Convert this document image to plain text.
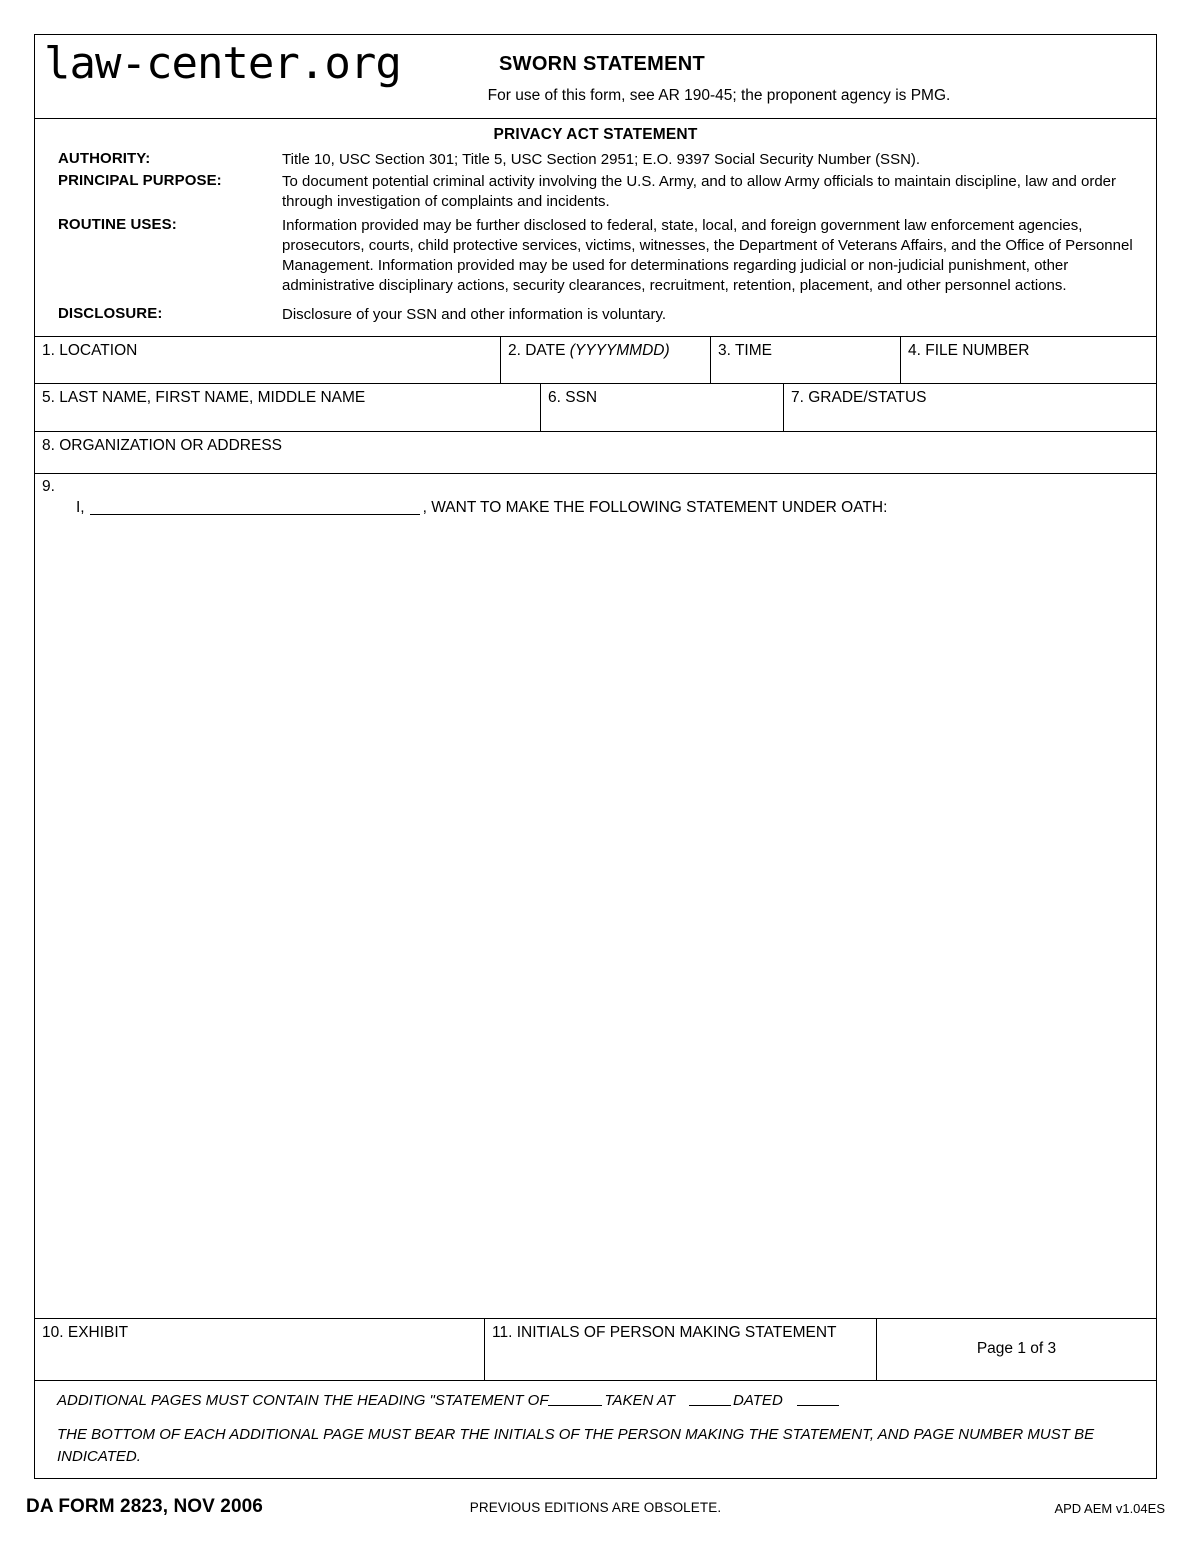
law-center.org	SWORN STATEMENT
For use of this form, see AR 190-45; the proponent agency is PMG.
PRIVACY ACT STATEMENT
AUTHORITY:	Title 10, USC Section 301; Title 5, USC Section 2951; E.O. 9397 Social Security Number (SSN).
PRINCIPAL PURPOSE:	To document potential criminal activity involving the U.S. Army, and to allow Army officials to maintain discipline, law and order through investigation of complaints and incidents.
ROUTINE USES:	Information provided may be further disclosed to federal, state, local, and foreign government law enforcement agencies, prosecutors, courts, child protective services, victims, witnesses, the Department of Veterans Affairs, and the Office of Personnel Management. Information provided may be used for determinations regarding judicial or non-judicial punishment, other administrative disciplinary actions, security clearances, recruitment, retention, placement, and other personnel actions.
DISCLOSURE:	Disclosure of your SSN and other information is voluntary.
1. LOCATION	2. DATE (YYYYMMDD)	3. TIME	4. FILE NUMBER
5. LAST NAME, FIRST NAME, MIDDLE NAME	6. SSN	7. GRADE/STATUS
8. ORGANIZATION OR ADDRESS
9.
I,	, WANT TO MAKE THE FOLLOWING STATEMENT UNDER OATH:
10. EXHIBIT	11. INITIALS OF PERSON MAKING STATEMENT
Page 1 of 3

ADDITIONAL PAGES MUST CONTAIN THE HEADING "STATEMENT OF	TAKEN AT	DATED

THE BOTTOM OF EACH ADDITIONAL PAGE MUST BEAR THE INITIALS OF THE PERSON MAKING THE STATEMENT, AND PAGE NUMBER MUST BE INDICATED.

DA FORM 2823, NOV 2006	PREVIOUS EDITIONS ARE OBSOLETE.	APD AEM v1.04ES
